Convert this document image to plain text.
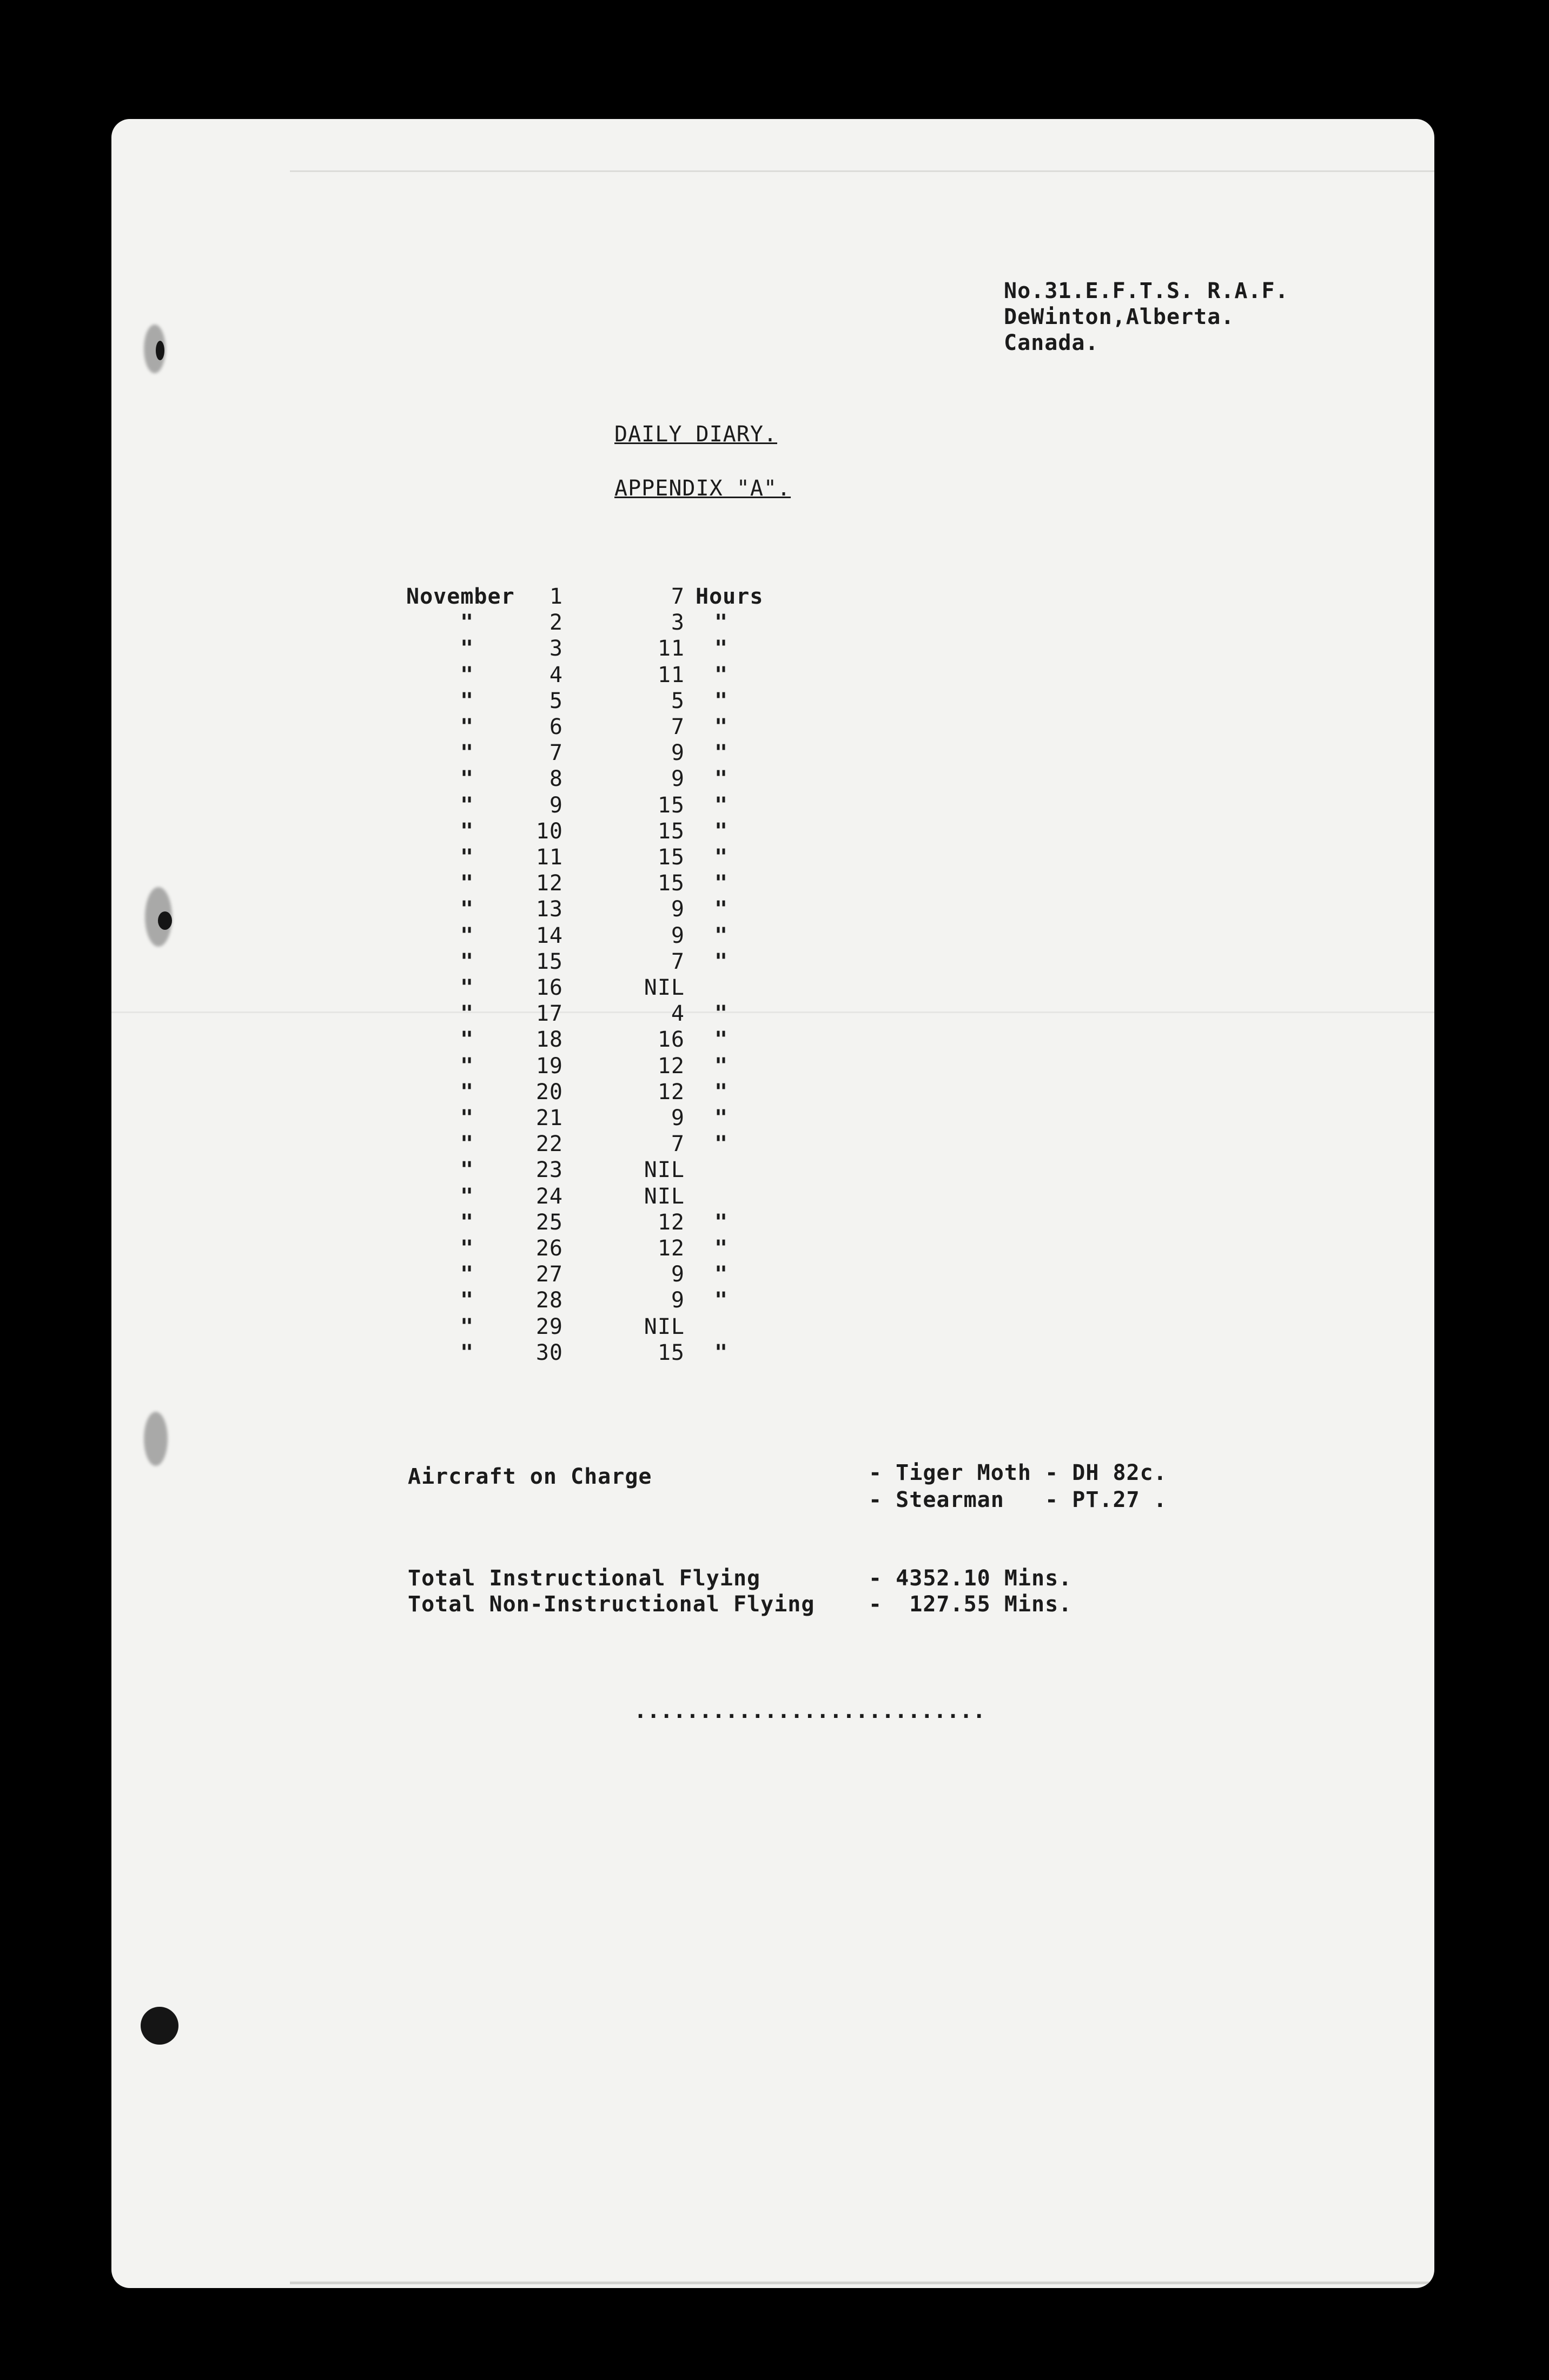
No.31.E.F.T.S. R.A.F.
DeWinton,Alberta.
Canada.
DAILY DIARY.
APPENDIX "A".
November 1	7 Hours
"	2	3 "
"	3	11 "
"	4	11 "
"	5	5 "
"	6	7 "
"	7	9 "
"	8	9 "
"	9	15 "
"	10	15 "
"	11	15 "
"	12	15 "
"	13	9 "
"	14	9 "
"	15	7 "
"	16	NIL
"	17	4 "
"	18	16 "
"	19	12 "
"	20	12 "
"	21	9 "
"	22	7 "
"	23	NIL
"	24	NIL
"	25	12 "
"	26	12 "
"	27	9 "
"	28	9 "
"	29	NIL
"	30	15 "
Aircraft on Charge	- Tiger Moth - DH 82c.
- Stearman   - PT.27 .
Total Instructional Flying	- 4352.10 Mins.
Total Non-Instructional Flying -  127.55 Mins.
...........................
